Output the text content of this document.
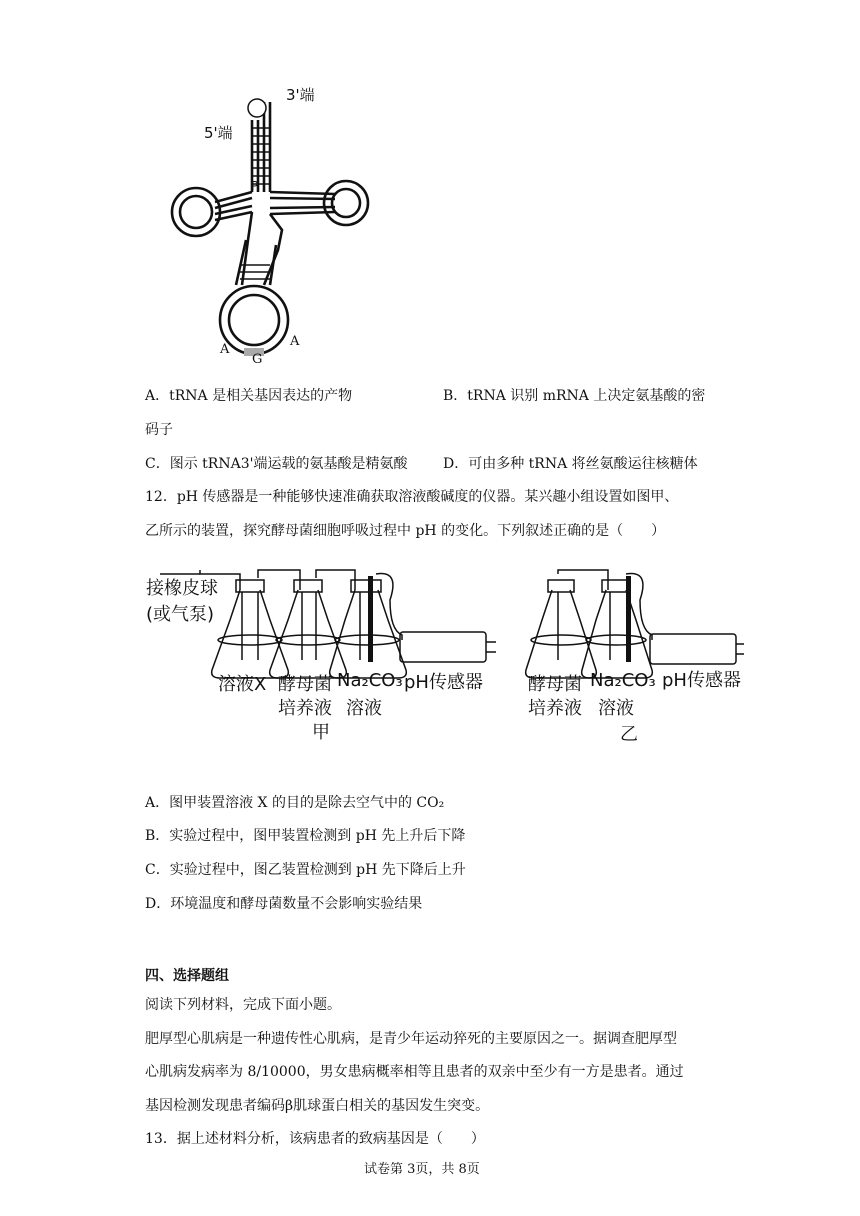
3'端
5'端
P
A
G
A
A．tRNA 是相关基因表达的产物	B．tRNA 识别 mRNA 上决定氨基酸的密
码子
C．图示 tRNA3'端运载的氨基酸是精氨酸	D．可由多种 tRNA 将丝氨酸运往核糖体
12．pH 传感器是一种能够快速准确获取溶液酸碱度的仪器。某兴趣小组设置如图甲、
乙所示的装置，探究酵母菌细胞呼吸过程中 pH 的变化。下列叙述正确的是（　　）
接橡皮球
(或气泵)
溶液X 酵母菌
培养液
Na₂CO₃
溶液
pH传感器
甲
酵母菌
培养液
Na₂CO₃
溶液
pH传感器
乙
A．图甲装置溶液 X 的目的是除去空气中的 CO₂
B．实验过程中，图甲装置检测到 pH 先上升后下降
C．实验过程中，图乙装置检测到 pH 先下降后上升
D．环境温度和酵母菌数量不会影响实验结果
四、选择题组
阅读下列材料，完成下面小题。
肥厚型心肌病是一种遗传性心肌病，是青少年运动猝死的主要原因之一。据调查肥厚型
心肌病发病率为 8/10000，男女患病概率相等且患者的双亲中至少有一方是患者。通过
基因检测发现患者编码β肌球蛋白相关的基因发生突变。
13．据上述材料分析，该病患者的致病基因是（　　）
试卷第 3页，共 8页
